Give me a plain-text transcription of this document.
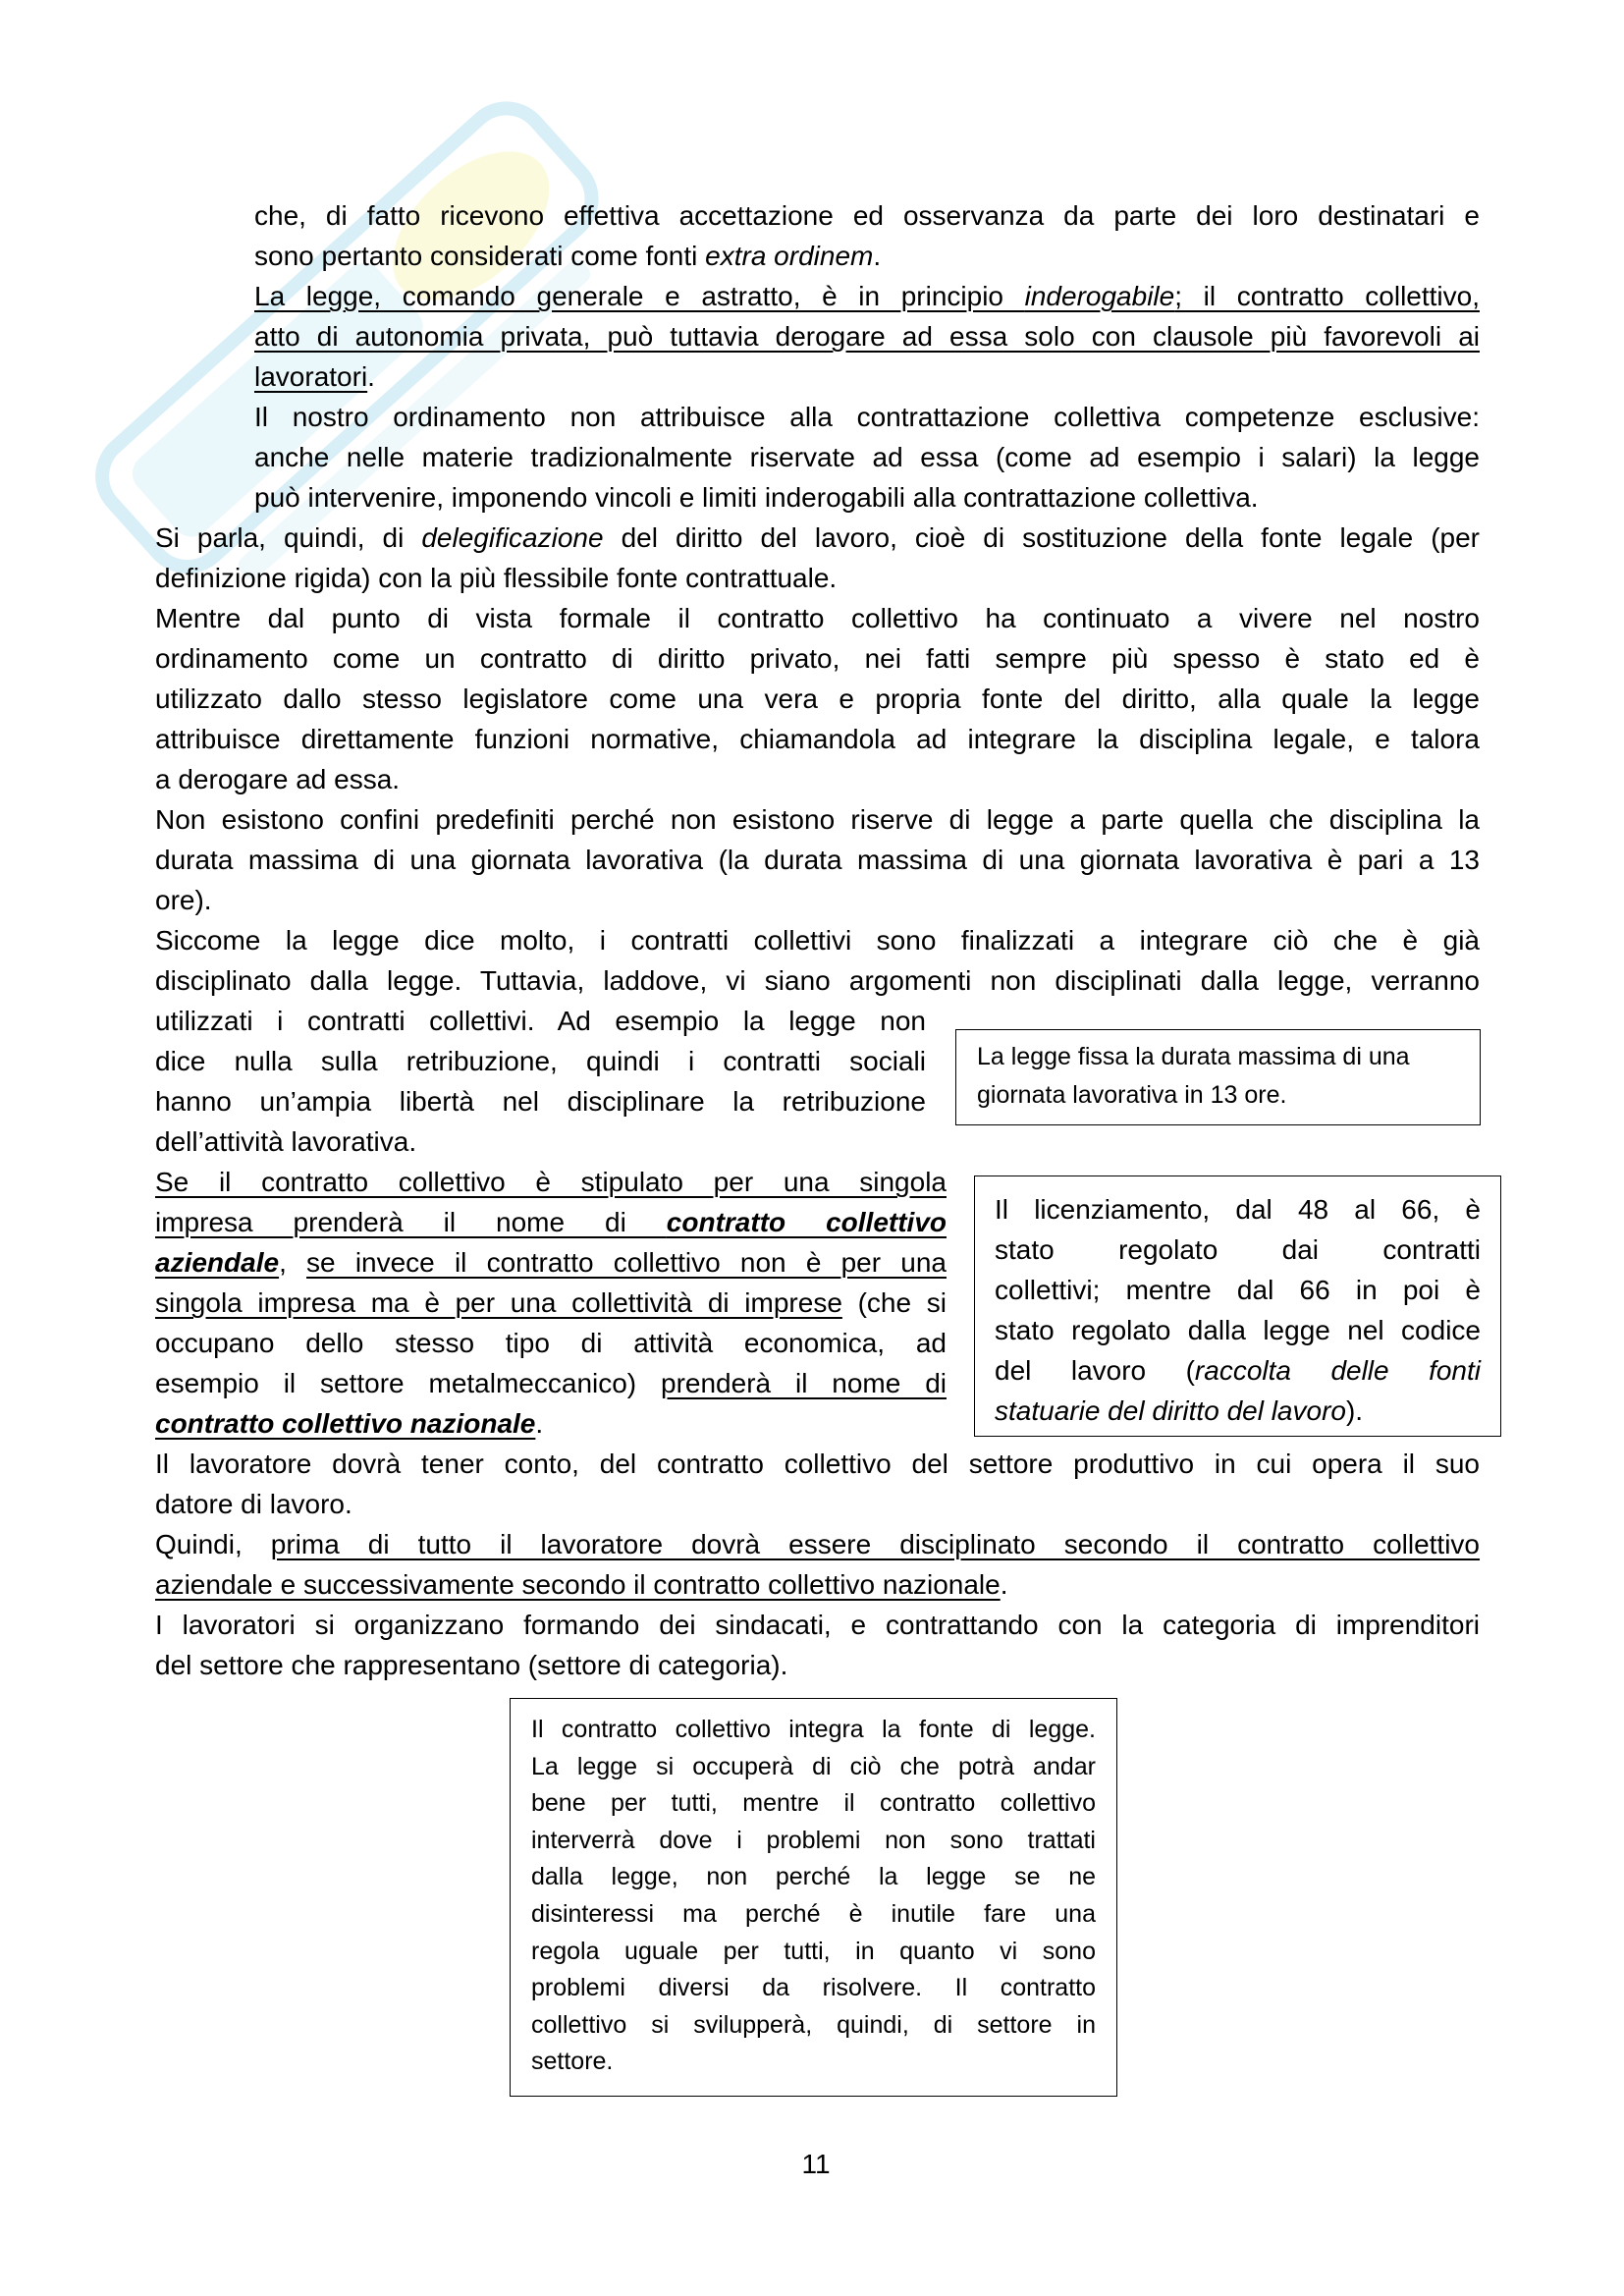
che, di fatto ricevono effettiva accettazione ed osservanza da parte dei loro destinatari e
sono pertanto considerati come fonti extra ordinem.
La legge, comando generale e astratto, è in principio inderogabile; il contratto collettivo,
atto di autonomia privata, può tuttavia derogare ad essa solo con clausole più favorevoli ai
lavoratori.
Il nostro ordinamento non attribuisce alla contrattazione collettiva competenze esclusive:
anche nelle materie tradizionalmente riservate ad essa (come ad esempio i salari) la legge
può intervenire, imponendo vincoli e limiti inderogabili alla contrattazione collettiva.
Si parla, quindi, di delegificazione del diritto del lavoro, cioè di sostituzione della fonte legale (per
definizione rigida) con la più flessibile fonte contrattuale.
Mentre dal punto di vista formale il contratto collettivo ha continuato a vivere nel nostro
ordinamento come un contratto di diritto privato, nei fatti sempre più spesso è stato ed è
utilizzato dallo stesso legislatore come una vera e propria fonte del diritto, alla quale la legge
attribuisce direttamente funzioni normative, chiamandola ad integrare la disciplina legale, e talora
a derogare ad essa.
Non esistono confini predefiniti perché non esistono riserve di legge a parte quella che disciplina la
durata massima di una giornata lavorativa (la durata massima di una giornata lavorativa è pari a 13
ore).
Siccome la legge dice molto, i contratti collettivi sono finalizzati a integrare ciò che è già
disciplinato dalla legge. Tuttavia, laddove, vi siano argomenti non disciplinati dalla legge, verranno
utilizzati i contratti collettivi. Ad esempio la legge non
dice nulla sulla retribuzione, quindi i contratti sociali
hanno un’ampia libertà nel disciplinare la retribuzione
dell’attività lavorativa.
Se il contratto collettivo è stipulato per una singola
impresa prenderà il nome di contratto collettivo
aziendale, se invece il contratto collettivo non è per una
singola impresa ma è per una collettività di imprese (che si
occupano dello stesso tipo di attività economica, ad
esempio il settore metalmeccanico) prenderà il nome di
contratto collettivo nazionale.
Il lavoratore dovrà tener conto, del contratto collettivo del settore produttivo in cui opera il suo
datore di lavoro.
Quindi, prima di tutto il lavoratore dovrà essere disciplinato secondo il contratto collettivo
aziendale e successivamente secondo il contratto collettivo nazionale.
I lavoratori si organizzano formando dei sindacati, e contrattando con la categoria di imprenditori
del settore che rappresentano (settore di categoria).
La legge fissa la durata massima di una
giornata lavorativa in 13 ore.
Il licenziamento, dal 48 al 66, è
stato regolato dai contratti
collettivi; mentre dal 66 in poi è
stato regolato dalla legge nel codice
del lavoro (raccolta delle fonti
statuarie del diritto del lavoro).
Il contratto collettivo integra la fonte di legge.
La legge si occuperà di ciò che potrà andar
bene per tutti, mentre il contratto collettivo
interverrà dove i problemi non sono trattati
dalla legge, non perché la legge se ne
disinteressi ma perché è inutile fare una
regola uguale per tutti, in quanto vi sono
problemi diversi da risolvere. Il contratto
collettivo si svilupperà, quindi, di settore in
settore.
11
